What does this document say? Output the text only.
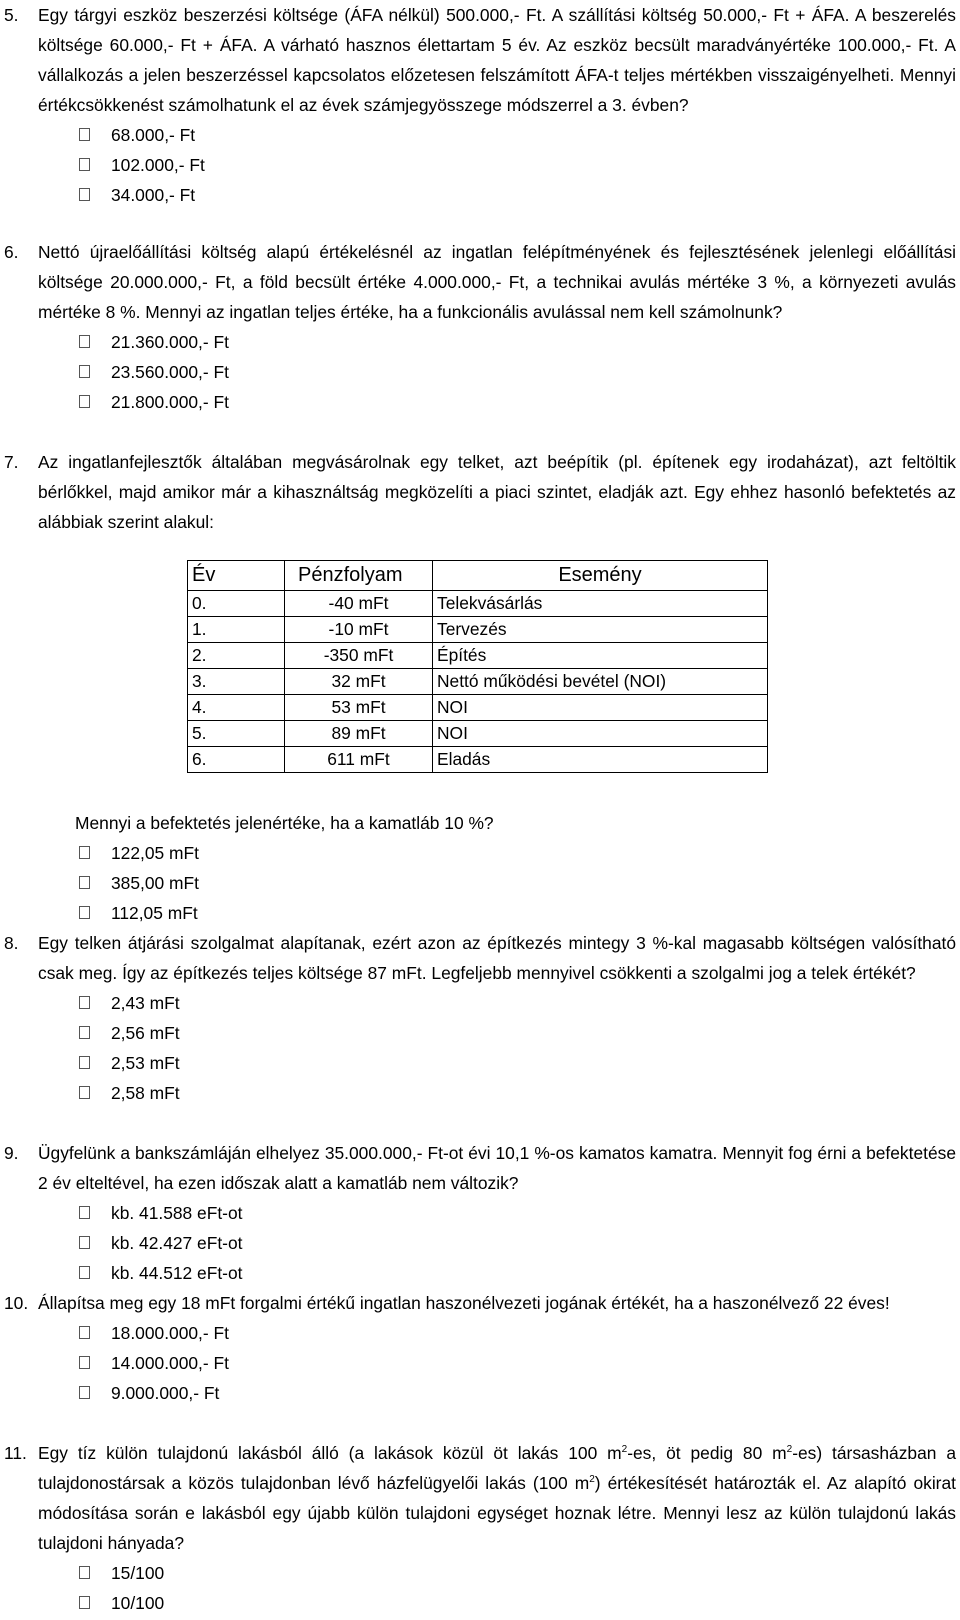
5. Egy tárgyi eszköz beszerzési költsége (ÁFA nélkül) 500.000,- Ft. A szállítási költség 50.000,- Ft + ÁFA. A beszerelés költsége 60.000,- Ft + ÁFA. A várható hasznos élettartam 5 év. Az eszköz becsült maradványértéke 100.000,- Ft. A vállalkozás a jelen beszerzéssel kapcsolatos előzetesen felszámított ÁFA-t teljes mértékben visszaigényelheti. Mennyi értékcsökkenést számolhatunk el az évek számjegyösszege módszerrel a 3. évben?

68.000,- Ft
102.000,- Ft
34.000,- Ft
6. Nettó újraelőállítási költség alapú értékelésnél az ingatlan felépítményének és fejlesztésének jelenlegi előállítási költsége 20.000.000,- Ft, a föld becsült értéke 4.000.000,- Ft, a technikai avulás mértéke 3 %, a környezeti avulás mértéke 8 %. Mennyi az ingatlan teljes értéke, ha a funkcionális avulással nem kell számolnunk?

21.360.000,- Ft
23.560.000,- Ft
21.800.000,- Ft
7. Az ingatlanfejlesztők általában megvásárolnak egy telket, azt beépítik (pl. építenek egy irodaházat), azt feltöltik bérlőkkel, majd amikor már a kihasználtság megközelíti a piaci szintet, eladják azt. Egy ehhez hasonló befektetés az alábbiak szerint alakul:

Év	Pénzfolyam	Esemény
0.	-40 mFt	Telekvásárlás
1.	-10 mFt	Tervezés
2.	-350 mFt	Építés
3.	32 mFt	Nettó működési bevétel (NOI)
4.	53 mFt	NOI
5.	89 mFt	NOI
6.	611 mFt	Eladás
Mennyi a befektetés jelenértéke, ha a kamatláb 10 %?
122,05 mFt
385,00 mFt
112,05 mFt
8. Egy telken átjárási szolgalmat alapítanak, ezért azon az építkezés mintegy 3 %-kal magasabb költségen valósítható csak meg. Így az építkezés teljes költsége 87 mFt. Legfeljebb mennyivel csökkenti a szolgalmi jog a telek értékét?

2,43 mFt
2,56 mFt
2,53 mFt
2,58 mFt
9. Ügyfelünk a bankszámláján elhelyez 35.000.000,- Ft-ot évi 10,1 %-os kamatos kamatra. Mennyit fog érni a befektetése 2 év elteltével, ha ezen időszak alatt a kamatláb nem változik?

kb. 41.588 eFt-ot
kb. 42.427 eFt-ot
kb. 44.512 eFt-ot
10. Állapítsa meg egy 18 mFt forgalmi értékű ingatlan haszonélvezeti jogának értékét, ha a haszonélvező 22 éves!

18.000.000,- Ft
14.000.000,- Ft
9.000.000,- Ft
11. Egy tíz külön tulajdonú lakásból álló (a lakások közül öt lakás 100 $m^2-es$, öt pedig 80 $m^2-es$) társasházban a tulajdonostársak a közös tulajdonban lévő házfelügyelői lakás (100 $m^2$) értékesítését határozták el. Az alapító okirat módosítása során e lakásból egy újabb külön tulajdoni egységet hoznak létre. Mennyi lesz az külön tulajdonú lakás tulajdoni hányada?

15/100
10/100
